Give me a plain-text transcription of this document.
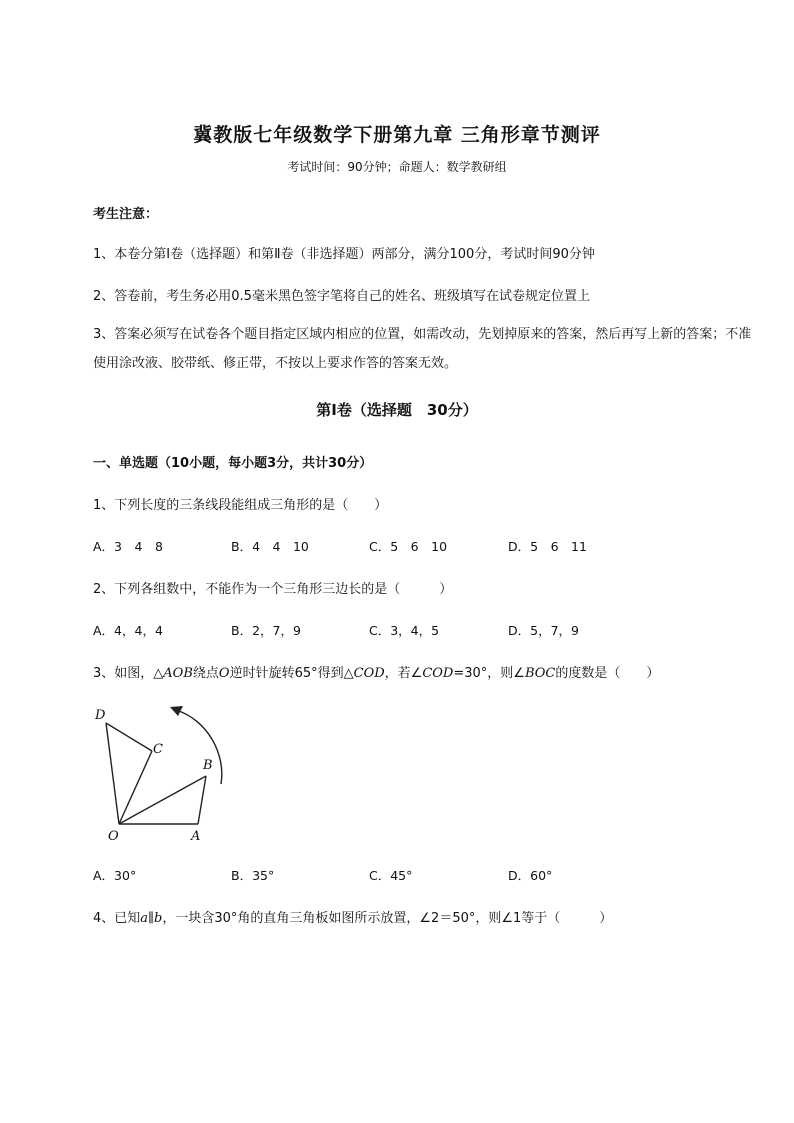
冀教版七年级数学下册第九章 三角形章节测评
考试时间：90分钟；命题人：数学教研组
考生注意：
1、本卷分第I卷（选择题）和第Ⅱ卷（非选择题）两部分，满分100分，考试时间90分钟
2、答卷前，考生务必用0.5毫米黑色签字笔将自己的姓名、班级填写在试卷规定位置上
3、答案必须写在试卷各个题目指定区域内相应的位置，如需改动，先划掉原来的答案，然后再写上新的答案；不准使用涂改液、胶带纸、修正带，不按以上要求作答的答案无效。
第I卷（选择题　30分）
一、单选题（10小题，每小题3分，共计30分）
1、下列长度的三条线段能组成三角形的是（　　）
A．3　4　8	B．4　4　10	C．5　6　10	D．5　6　11
2、下列各组数中，不能作为一个三角形三边长的是（　　　）
A．4，4，4	B．2，7，9	C．3，4，5	D．5，7，9
3、如图，△AOB绕点O逆时针旋转65°得到△COD，若∠COD=30°，则∠BOC的度数是（　　）
D
C
B
O	A
A．30°	B．35°	C．45°	D．60°
4、已知a∥b，一块含30°角的直角三角板如图所示放置，∠2＝50°，则∠1等于（　　　）
